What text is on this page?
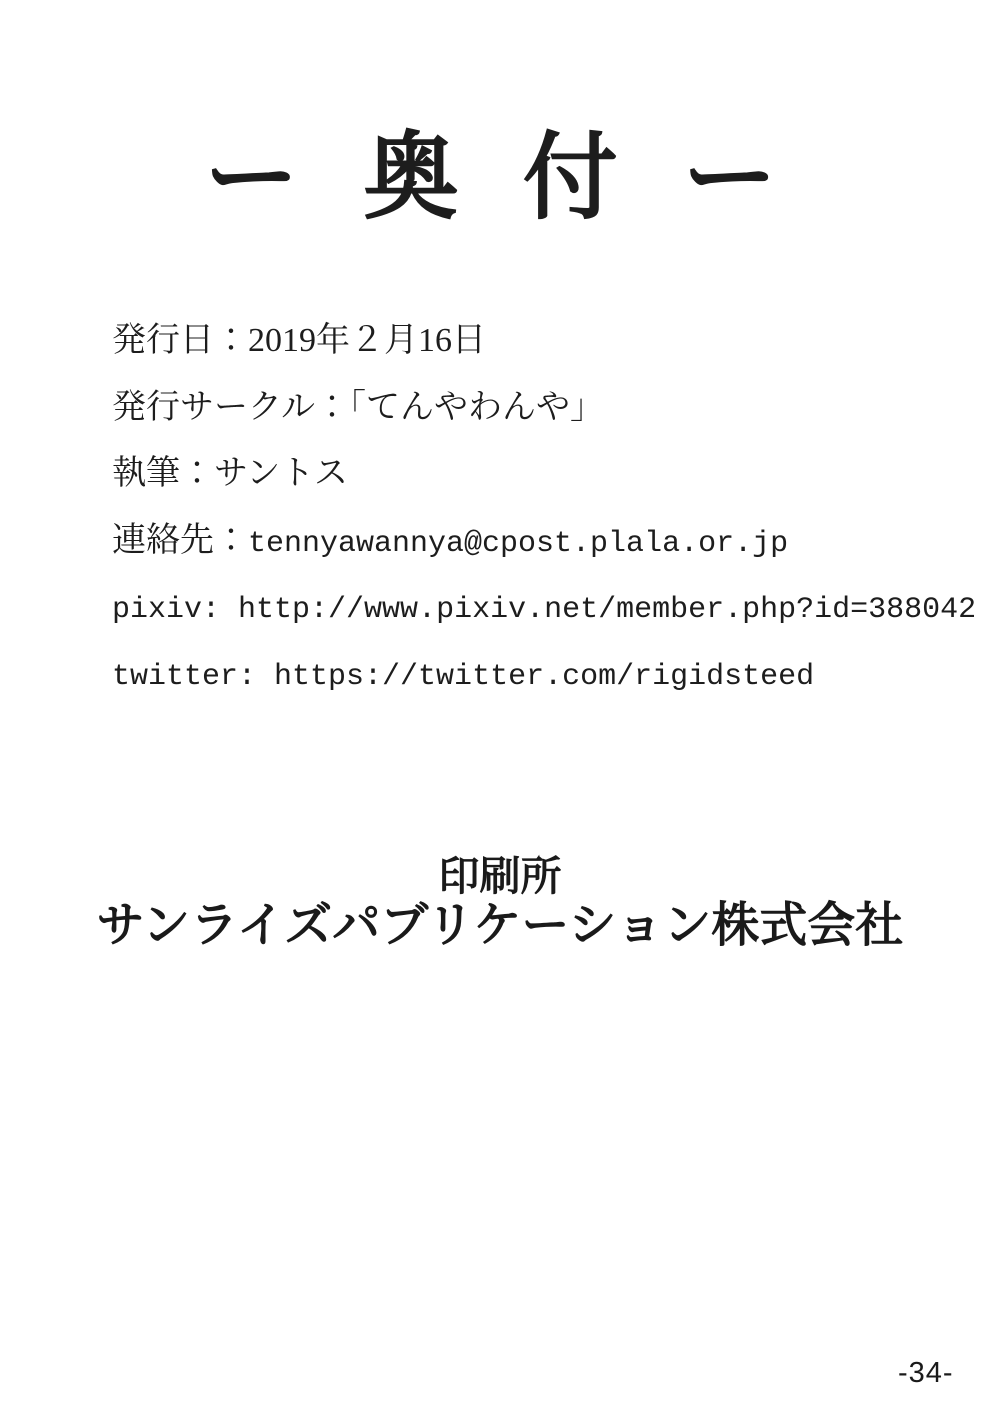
ー 奥 付 ー
発行日：2019年２月16日
発行サークル：「てんやわんや」
執筆：サントス
連絡先：tennyawannya@cpost.plala.or.jp
pixiv: http://www.pixiv.net/member.php?id=388042
twitter: https://twitter.com/rigidsteed
印刷所
サンライズパブリケーション株式会社
-34-
